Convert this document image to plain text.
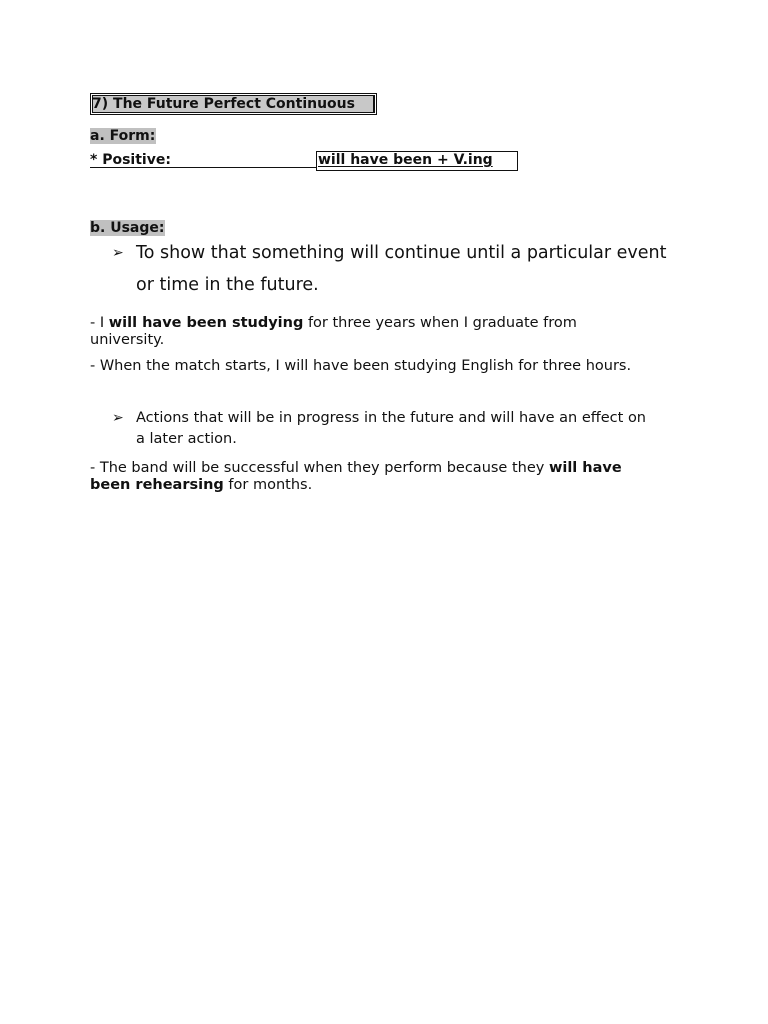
7) The Future Perfect Continuous
a. Form:
* Positive:	will have been + V.ing
b. Usage:
➢ To show that something will continue until a particular event
or time in the future.
- I will have been studying for three years when I graduate from
university.
- When the match starts, I will have been studying English for three hours.
➢ Actions that will be in progress in the future and will have an effect on
a later action.
- The band will be successful when they perform because they will have
been rehearsing for months.
